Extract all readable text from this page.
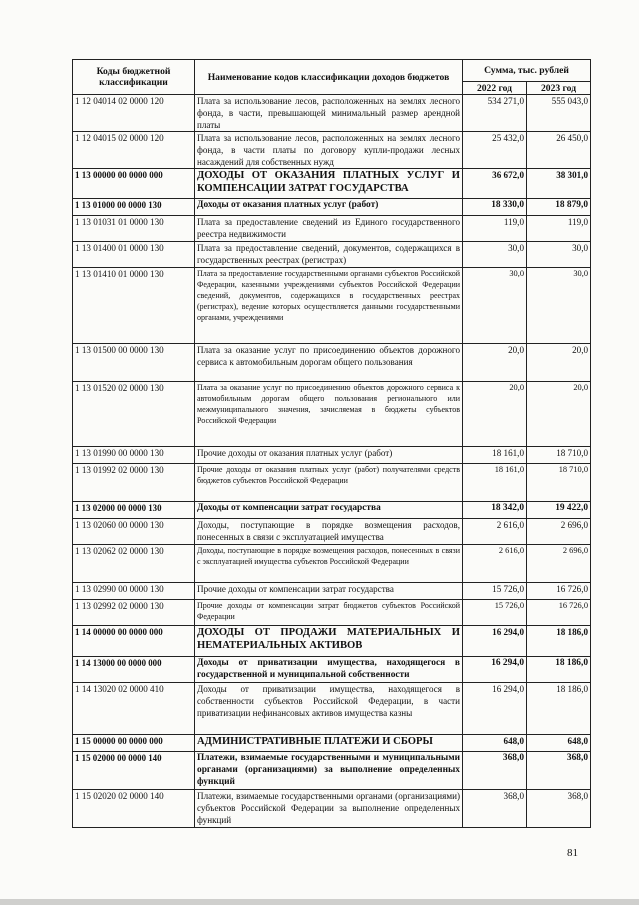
Коды бюджетной классификации	Наименование кодов классификации доходов бюджетов	Сумма, тыс. рублей	
		2022 год	2023 год
1 12 04014 02 0000 120	Плата за использование лесов, расположенных на землях лесного фонда, в части, превышающей минимальный размер арендной платы	534 271,0	555 043,0
1 12 04015 02 0000 120	Плата за использование лесов, расположенных на землях лесного фонда, в части платы по договору купли-продажи лесных насаждений для собственных нужд	25 432,0	26 450,0
1 13 00000 00 0000 000	ДОХОДЫ ОТ ОКАЗАНИЯ ПЛАТНЫХ УСЛУГ И КОМПЕНСАЦИИ ЗАТРАТ ГОСУДАРСТВА	36 672,0	38 301,0
1 13 01000 00 0000 130	Доходы от оказания платных услуг (работ)	18 330,0	18 879,0
1 13 01031 01 0000 130	Плата за предоставление сведений из Единого государственного реестра недвижимости	119,0	119,0
1 13 01400 01 0000 130	Плата за предоставление сведений, документов, содержащихся в государственных реестрах (регистрах)	30,0	30,0
1 13 01410 01 0000 130	Плата за предоставление государственными органами субъектов Российской Федерации, казенными учреждениями субъектов Российской Федерации сведений, документов, содержащихся в государственных реестрах (регистрах), ведение которых осуществляется данными государственными органами, учреждениями	30,0	30,0
1 13 01500 00 0000 130	Плата за оказание услуг по присоединению объектов дорожного сервиса к автомобильным дорогам общего пользования	20,0	20,0
1 13 01520 02 0000 130	Плата за оказание услуг по присоединению объектов дорожного сервиса к автомобильным дорогам общего пользования регионального или межмуниципального значения, зачисляемая в бюджеты субъектов Российской Федерации	20,0	20,0
1 13 01990 00 0000 130	Прочие доходы от оказания платных услуг (работ)	18 161,0	18 710,0
1 13 01992 02 0000 130	Прочие доходы от оказания платных услуг (работ) получателями средств бюджетов субъектов Российской Федерации	18 161,0	18 710,0
1 13 02000 00 0000 130	Доходы от компенсации затрат государства	18 342,0	19 422,0
1 13 02060 00 0000 130	Доходы, поступающие в порядке возмещения расходов, понесенных в связи с эксплуатацией имущества	2 616,0	2 696,0
1 13 02062 02 0000 130	Доходы, поступающие в порядке возмещения расходов, понесенных в связи с эксплуатацией имущества субъектов Российской Федерации	2 616,0	2 696,0
1 13 02990 00 0000 130	Прочие доходы от компенсации затрат государства	15 726,0	16 726,0
1 13 02992 02 0000 130	Прочие доходы от компенсации затрат бюджетов субъектов Российской Федерации	15 726,0	16 726,0
1 14 00000 00 0000 000	ДОХОДЫ ОТ ПРОДАЖИ МАТЕРИАЛЬНЫХ И НЕМАТЕРИАЛЬНЫХ АКТИВОВ	16 294,0	18 186,0
1 14 13000 00 0000 000	Доходы от приватизации имущества, находящегося в государственной и муниципальной собственности	16 294,0	18 186,0
1 14 13020 02 0000 410	Доходы от приватизации имущества, находящегося в собственности субъектов Российской Федерации, в части приватизации нефинансовых активов имущества казны	16 294,0	18 186,0
1 15 00000 00 0000 000	АДМИНИСТРАТИВНЫЕ ПЛАТЕЖИ И СБОРЫ	648,0	648,0
1 15 02000 00 0000 140	Платежи, взимаемые государственными и муниципальными органами (организациями) за выполнение определенных функций	368,0	368,0
1 15 02020 02 0000 140	Платежи, взимаемые государственными органами (организациями) субъектов Российской Федерации за выполнение определенных функций	368,0	368,0
81
